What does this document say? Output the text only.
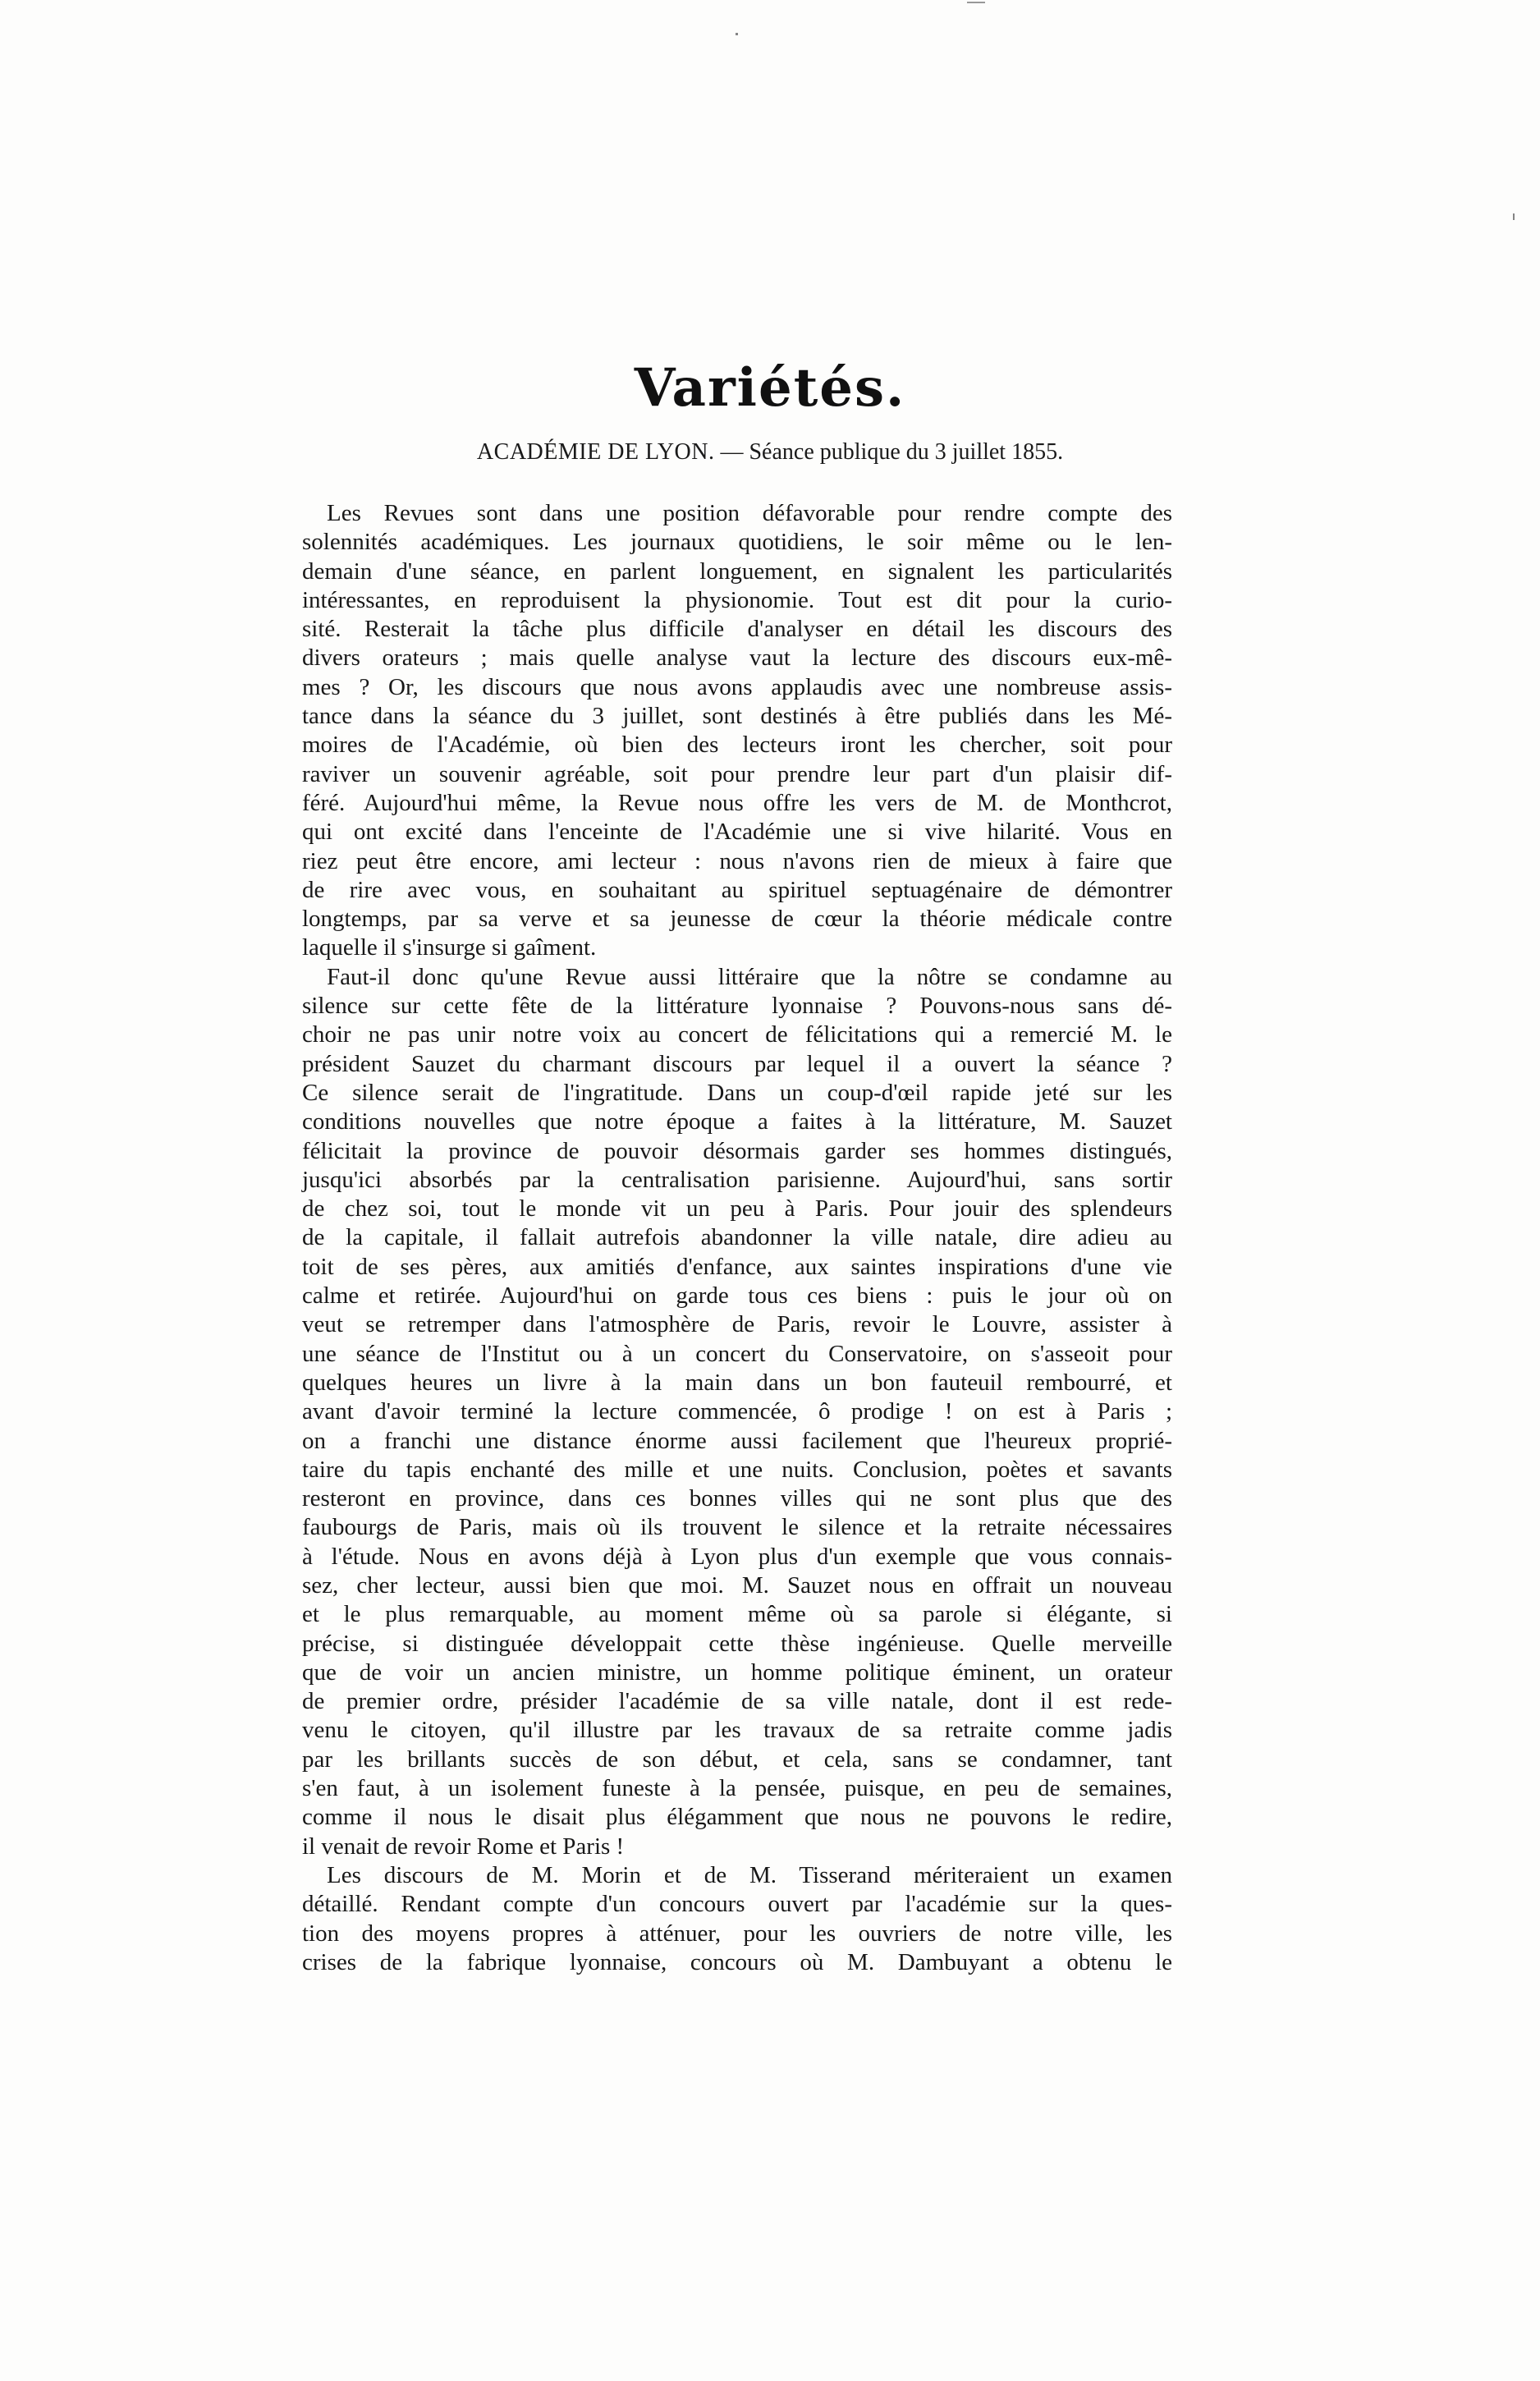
Variétés.
ACADÉMIE DE LYON. — Séance publique du 3 juillet 1855.
Les Revues sont dans une position défavorable pour rendre compte des
solennités académiques. Les journaux quotidiens, le soir même ou le len-
demain d'une séance, en parlent longuement, en signalent les particularités
intéressantes, en reproduisent la physionomie. Tout est dit pour la curio-
sité. Resterait la tâche plus difficile d'analyser en détail les discours des
divers orateurs ; mais quelle analyse vaut la lecture des discours eux-mê-
mes ? Or, les discours que nous avons applaudis avec une nombreuse assis-
tance dans la séance du 3 juillet, sont destinés à être publiés dans les Mé-
moires de l'Académie, où bien des lecteurs iront les chercher, soit pour
raviver un souvenir agréable, soit pour prendre leur part d'un plaisir dif-
féré. Aujourd'hui même, la Revue nous offre les vers de M. de Monthcrot,
qui ont excité dans l'enceinte de l'Académie une si vive hilarité. Vous en
riez peut être encore, ami lecteur : nous n'avons rien de mieux à faire que
de rire avec vous, en souhaitant au spirituel septuagénaire de démontrer
longtemps, par sa verve et sa jeunesse de cœur la théorie médicale contre
laquelle il s'insurge si gaîment.
Faut-il donc qu'une Revue aussi littéraire que la nôtre se condamne au
silence sur cette fête de la littérature lyonnaise ? Pouvons-nous sans dé-
choir ne pas unir notre voix au concert de félicitations qui a remercié M. le
président Sauzet du charmant discours par lequel il a ouvert la séance ?
Ce silence serait de l'ingratitude. Dans un coup-d'œil rapide jeté sur les
conditions nouvelles que notre époque a faites à la littérature, M. Sauzet
félicitait la province de pouvoir désormais garder ses hommes distingués,
jusqu'ici absorbés par la centralisation parisienne. Aujourd'hui, sans sortir
de chez soi, tout le monde vit un peu à Paris. Pour jouir des splendeurs
de la capitale, il fallait autrefois abandonner la ville natale, dire adieu au
toit de ses pères, aux amitiés d'enfance, aux saintes inspirations d'une vie
calme et retirée. Aujourd'hui on garde tous ces biens : puis le jour où on
veut se retremper dans l'atmosphère de Paris, revoir le Louvre, assister à
une séance de l'Institut ou à un concert du Conservatoire, on s'asseoit pour
quelques heures un livre à la main dans un bon fauteuil rembourré, et
avant d'avoir terminé la lecture commencée, ô prodige ! on est à Paris ;
on a franchi une distance énorme aussi facilement que l'heureux proprié-
taire du tapis enchanté des mille et une nuits. Conclusion, poètes et savants
resteront en province, dans ces bonnes villes qui ne sont plus que des
faubourgs de Paris, mais où ils trouvent le silence et la retraite nécessaires
à l'étude. Nous en avons déjà à Lyon plus d'un exemple que vous connais-
sez, cher lecteur, aussi bien que moi. M. Sauzet nous en offrait un nouveau
et le plus remarquable, au moment même où sa parole si élégante, si
précise, si distinguée développait cette thèse ingénieuse. Quelle merveille
que de voir un ancien ministre, un homme politique éminent, un orateur
de premier ordre, présider l'académie de sa ville natale, dont il est rede-
venu le citoyen, qu'il illustre par les travaux de sa retraite comme jadis
par les brillants succès de son début, et cela, sans se condamner, tant
s'en faut, à un isolement funeste à la pensée, puisque, en peu de semaines,
comme il nous le disait plus élégamment que nous ne pouvons le redire,
il venait de revoir Rome et Paris !
Les discours de M. Morin et de M. Tisserand mériteraient un examen
détaillé. Rendant compte d'un concours ouvert par l'académie sur la ques-
tion des moyens propres à atténuer, pour les ouvriers de notre ville, les
crises de la fabrique lyonnaise, concours où M. Dambuyant a obtenu le
